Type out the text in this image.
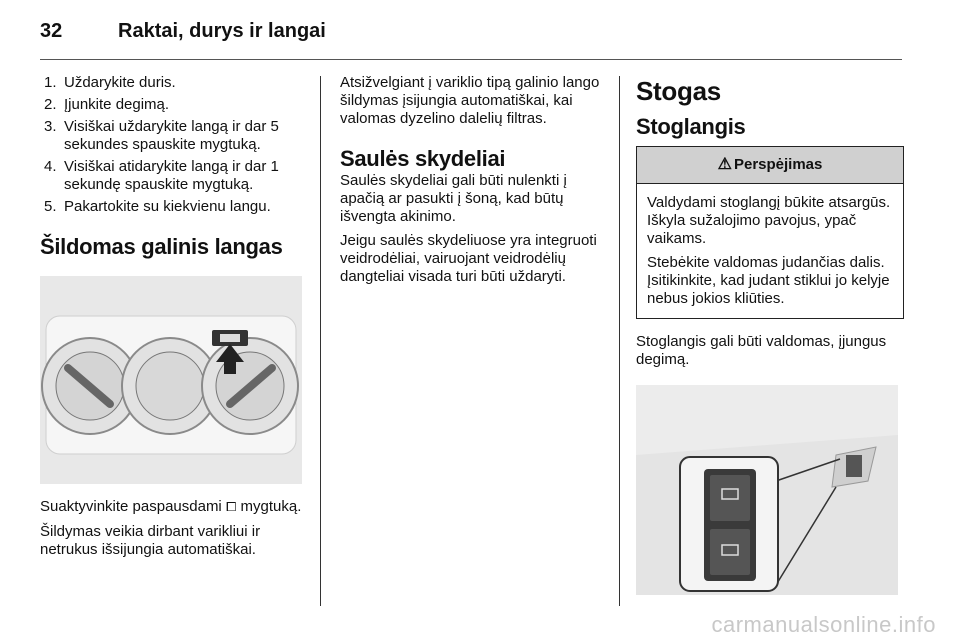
32	Raktai, durys ir langai
1. Uždarykite duris.
2. Įjunkite degimą.
3. Visiškai uždarykite langą ir dar 5 sekundes spauskite mygtuką.
4. Visiškai atidarykite langą ir dar 1 sekundę spauskite mygtuką.
5. Pakartokite su kiekvienu langu.
Šildomas galinis langas

Suaktyvinkite paspausdami ⧠ mygtuką.

Šildymas veikia dirbant varikliui ir netrukus išsijungia automatiškai.

Atsižvelgiant į variklio tipą galinio lango šildymas įsijungia automatiškai, kai valomas dyzelino dalelių filtras.

Saulės skydeliai

Saulės skydeliai gali būti nulenkti į apačią ar pasukti į šoną, kad būtų išvengta akinimo.

Jeigu saulės skydeliuose yra integruoti veidrodėliai, vairuojant veidrodėlių dangteliai visada turi būti uždaryti.

Stogas
Stoglangis
⚠ Perspėjimas

Valdydami stoglangį būkite atsargūs. Iškyla sužalojimo pavojus, ypač vaikams.

Stebėkite valdomas judančias dalis. Įsitikinkite, kad judant stiklui jo kelyje nebus jokios kliūties.

Stoglangis gali būti valdomas, įjungus degimą.

carmanualsonline.info
